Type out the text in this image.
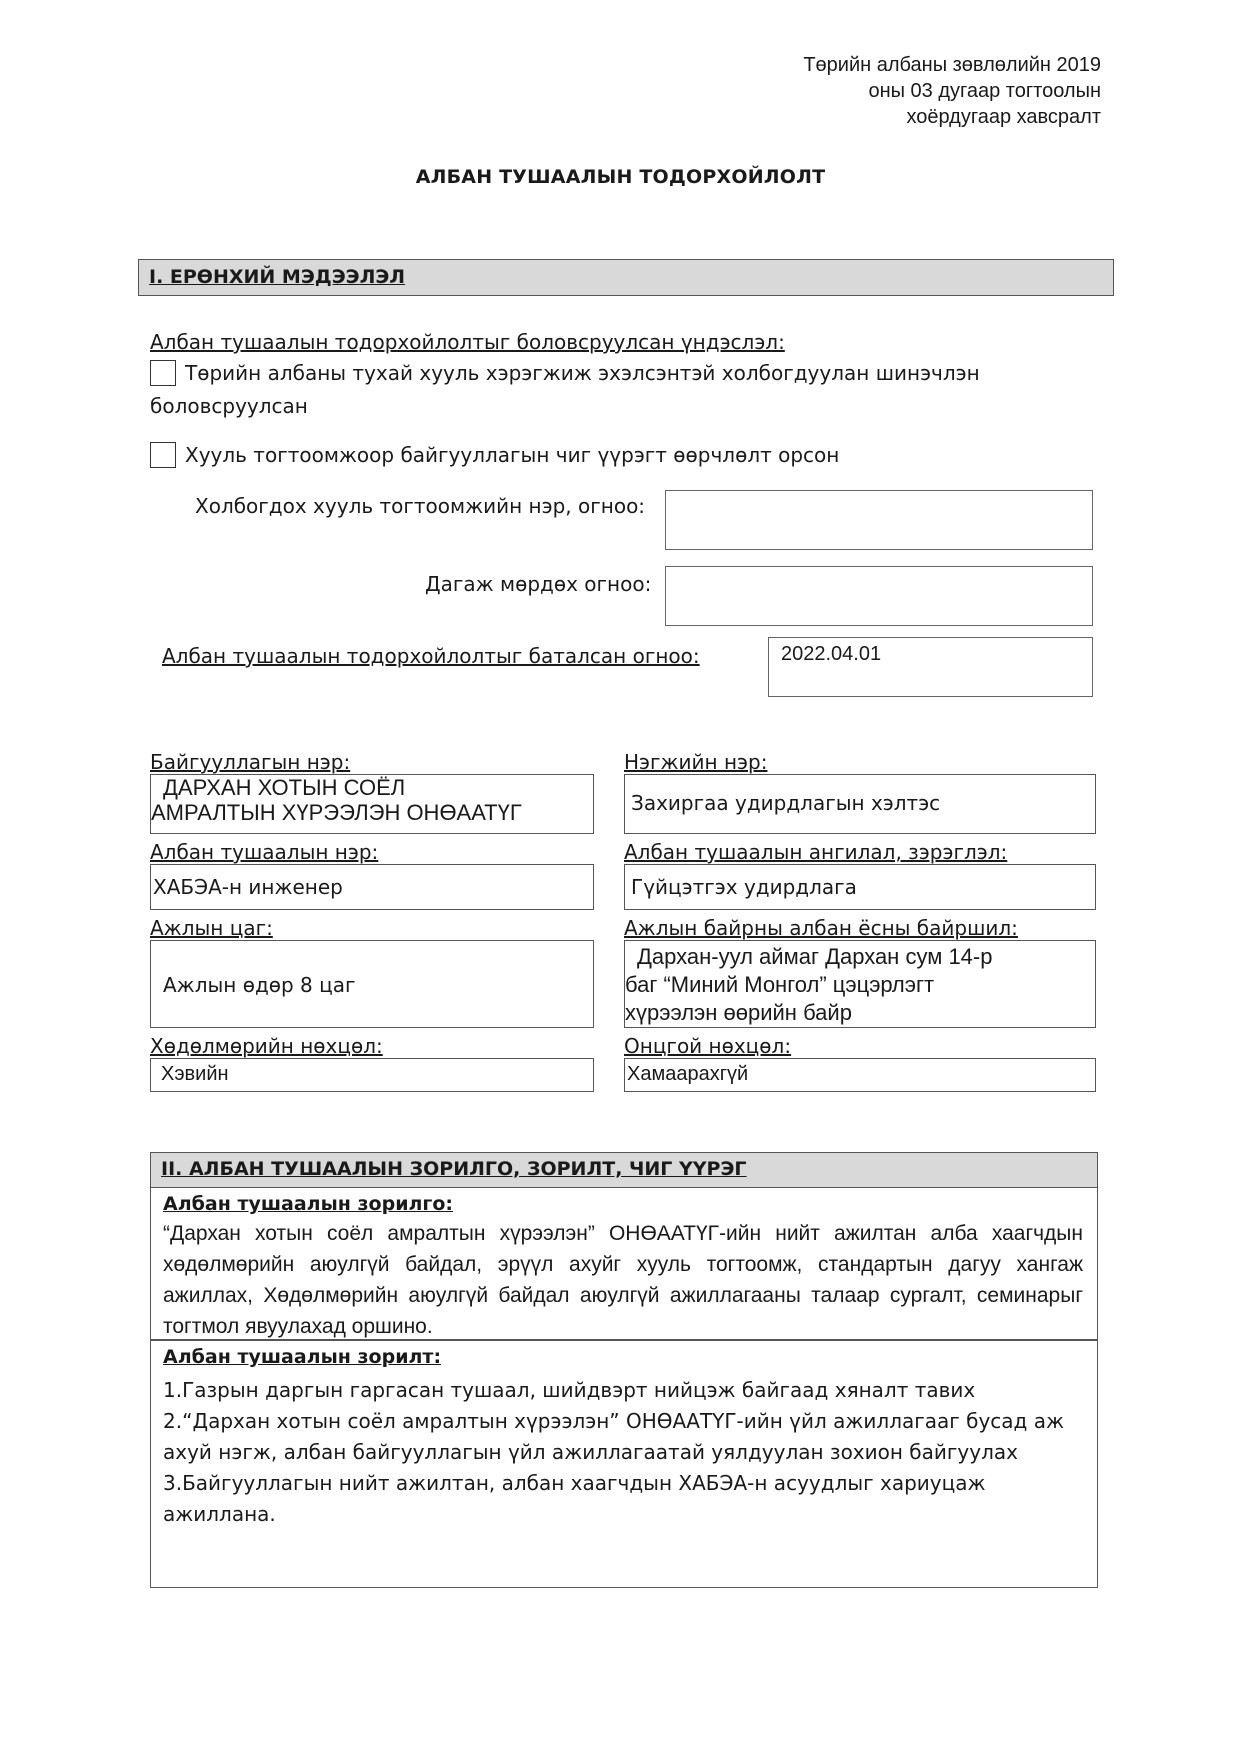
Төрийн албаны зөвлөлийн 2019
оны 03 дугаар тогтоолын
хоёрдугаар хавсралт
АЛБАН ТУШААЛЫН ТОДОРХОЙЛОЛТ
I. ЕРӨНХИЙ МЭДЭЭЛЭЛ
Албан тушаалын тодорхойлолтыг боловсруулсан үндэслэл:
Төрийн албаны тухай хууль хэрэгжиж эхэлсэнтэй холбогдуулан шинэчлэн
боловсруулсан
Хууль тогтоомжоор байгууллагын чиг үүрэгт өөрчлөлт орсон
Холбогдох хууль тогтоомжийн нэр, огноо:
Дагаж мөрдөх огноо:
Албан тушаалын тодорхойлолтыг баталсан огноо:	2022.04.01
Байгууллагын нэр:
ДАРХАН ХОТЫН СОЁЛ
АМРАЛТЫН ХҮРЭЭЛЭН ОНӨААТҮГ
Нэгжийн нэр:
Захиргаа удирдлагын хэлтэс
Албан тушаалын нэр:
ХАБЭА-н инженер
Албан тушаалын ангилал, зэрэглэл:
Гүйцэтгэх удирдлага
Ажлын цаг:
Ажлын өдөр 8 цаг
Ажлын байрны албан ёсны байршил:
Дархан-уул аймаг Дархан сум 14-р
баг “Миний Монгол” цэцэрлэгт
хүрээлэн өөрийн байр
Хөдөлмөрийн нөхцөл:
Хэвийн
Онцгой нөхцөл:
Хамаарахгүй
II. АЛБАН ТУШААЛЫН ЗОРИЛГО, ЗОРИЛТ, ЧИГ ҮҮРЭГ
Албан тушаалын зорилго:
“Дархан хотын соёл амралтын хүрээлэн” ОНӨААТҮГ-ийн нийт ажилтан алба хаагчдын хөдөлмөрийн аюулгүй байдал, эрүүл ахуйг хууль тогтоомж, стандартын дагуу хангаж ажиллах, Хөдөлмөрийн аюулгүй байдал аюулгүй ажиллагааны талаар сургалт, семинарыг тогтмол явуулахад оршино.
Албан тушаалын зорилт:
1.Газрын даргын гаргасан тушаал, шийдвэрт нийцэж байгаад хяналт тавих
2.“Дархан хотын соёл амралтын хүрээлэн” ОНӨААТҮГ-ийн үйл ажиллагааг бусад аж ахуй нэгж, албан байгууллагын үйл ажиллагаатай уялдуулан зохион байгуулах
3.Байгууллагын нийт ажилтан, албан хаагчдын ХАБЭА-н асуудлыг хариуцаж ажиллана.
